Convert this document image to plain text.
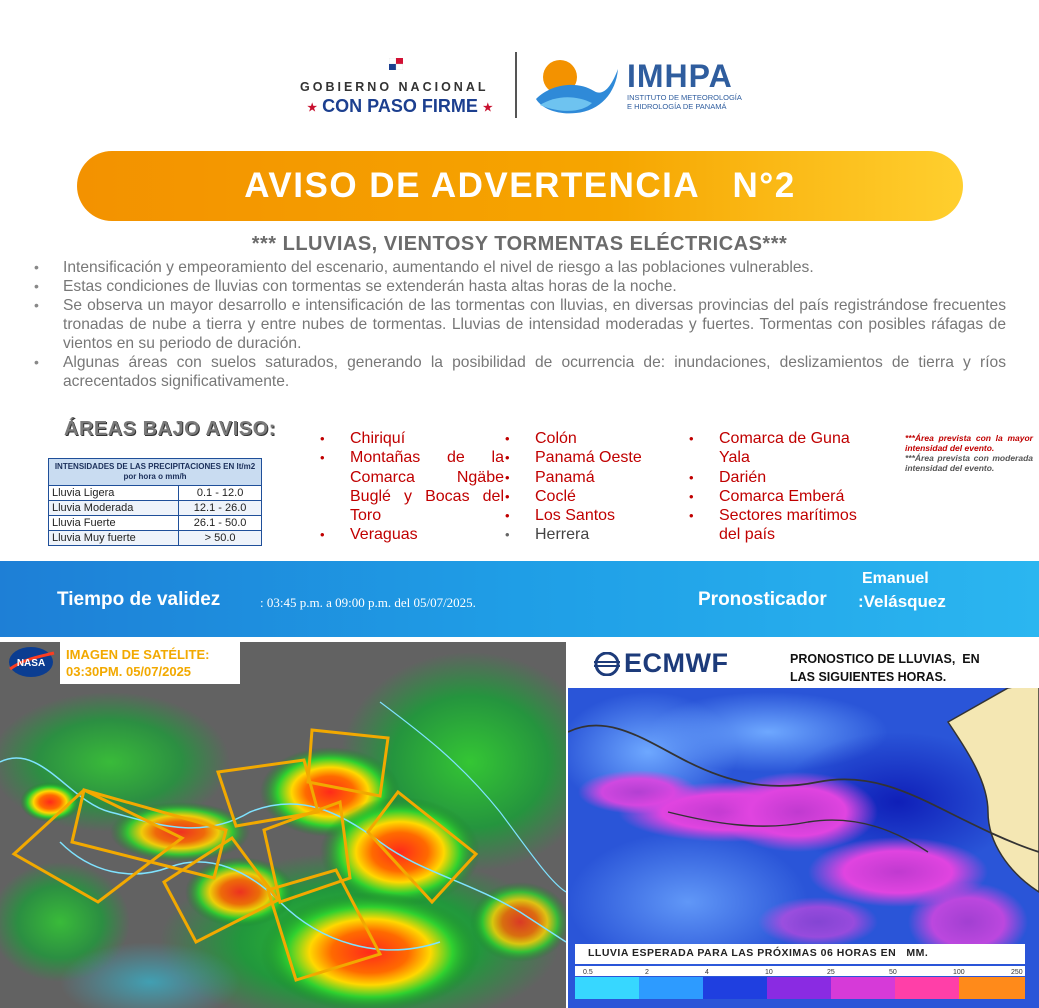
GOBIERNO NACIONAL
★ CON PASO FIRME ★
IMHPA
INSTITUTO DE METEOROLOGÍA
E HIDROLOGÍA DE PANAMÁ
AVISO DE ADVERTENCIA   N°2
*** LLUVIAS, VIENTOSY TORMENTAS ELÉCTRICAS***
• Intensificación y empeoramiento del escenario, aumentando el nivel de riesgo a las poblaciones vulnerables.
• Estas condiciones de lluvias con tormentas se extenderán hasta altas horas de la noche.
• Se observa un mayor desarrollo e intensificación de las tormentas con lluvias, en diversas provincias del país registrándose frecuentes tronadas de nube a tierra y entre nubes de tormentas. Lluvias de intensidad moderadas y fuertes. Tormentas con posibles ráfagas de vientos en su periodo de duración.
• Algunas áreas con suelos saturados, generando la posibilidad de ocurrencia de: inundaciones, deslizamientos de tierra y ríos acrecentados significativamente.
ÁREAS BAJO AVISO:
INTENSIDADES DE LAS PRECIPITACIONES EN lt/m2 por hora o mm/h	
Lluvia Ligera	0.1 - 12.0
Lluvia Moderada	12.1 - 26.0
Lluvia Fuerte	26.1 - 50.0
Lluvia Muy fuerte	> 50.0
• Chiriquí
• Montañas de la Comarca Ngäbe Buglé y Bocas del Toro
• Veraguas
• Colón
• Panamá Oeste
• Panamá
• Coclé
• Los Santos
• Herrera
• Comarca de Guna Yala
• Darién
• Comarca Emberá
• Sectores marítimos del país
***Área prevista con la mayor intensidad del evento.
***Área prevista con moderada intensidad del evento.
Tiempo de validez	: 03:45 p.m. a 09:00 p.m. del 05/07/2025.	Pronosticador
Emanuel
:Velásquez
NASA
IMAGEN DE SATÉLITE:
03:30PM. 05/07/2025	ECMWF	PRONOSTICO DE LLUVIAS,  EN
LAS SIGUIENTES HORAS.
LLUVIA ESPERADA PARA LAS PRÓXIMAS 06 HORAS EN   MM.
0.5	2	4	10	25	50	100	250
